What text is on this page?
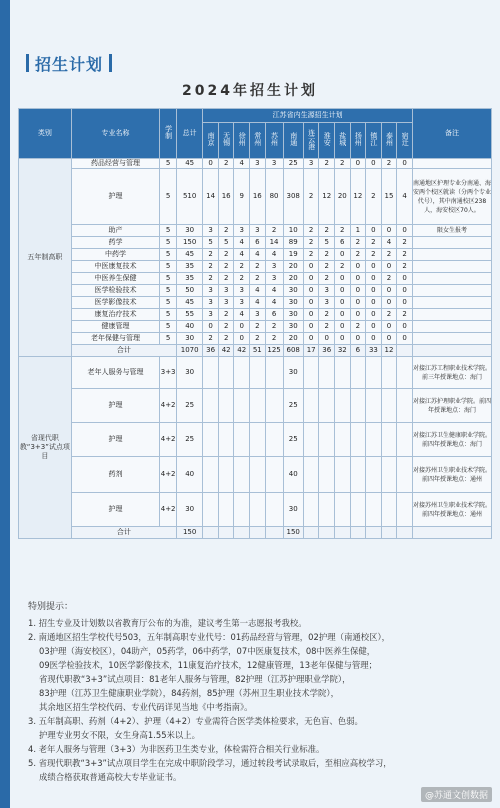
招生计划
2024年招生计划
类别	专业名称	学制	总计	江苏省内生源招生计划													备注
				南京	无锡	徐州	常州	苏州	南通	连云港	淮安	盐城	扬州	镇江	泰州	宿迁	
五年制高职	药品经营与管理	5	45	0	2	4	3	3	25	3	2	2	0	0	2	0	
	护理	5	510	14	16	9	16	80	308	2	12	20	12	2	15	4	南通地区护理专业分南通、海安两个校区就读（分两个专业代号），其中南通校区238人，海安校区70人。
	助产	5	30	3	2	3	3	2	10	2	2	2	1	0	0	0	限女生报考
	药学	5	150	5	5	4	6	14	89	2	5	6	2	2	4	2	
	中药学	5	45	2	2	4	4	4	19	2	2	0	2	2	2	2	
	中医康复技术	5	35	2	2	2	2	3	20	0	2	2	0	0	0	2	
	中医养生保健	5	35	2	2	2	2	3	20	0	2	0	0	0	2	0	
	医学检验技术	5	50	3	3	3	4	4	30	0	3	0	0	0	0	0	
	医学影像技术	5	45	3	3	3	4	4	30	0	3	0	0	0	0	0	
	康复治疗技术	5	55	3	2	4	3	6	30	0	2	0	0	0	2	2	
	健康管理	5	40	0	2	0	2	2	30	0	2	0	2	0	0	0	
	老年保健与管理	5	30	2	2	0	2	2	20	0	0	0	0	0	0	0	
	合计		1070	36	42	42	51	125	608	17	36	32	6	33	12		
省现代职教“3+3”试点项目	老年人服务与管理	3+3	30						30								对接江苏工程职业技术学院。前三年授课地点：海门
	护理	4+2	25						25								对接江苏护理职业学院。前四年授课地点：海门
	护理	4+2	25						25								对接江苏卫生健康职业学院。前四年授课地点：海门
	药剂	4+2	40						40								对接苏州卫生职业技术学院。前四年授课地点：通州
	护理	4+2	30						30								对接苏州卫生职业技术学院。前四年授课地点：通州
	合计		150						150								
特别提示：
1. 招生专业及计划数以省教育厅公布的为准，建议考生第一志愿报考我校。
2. 南通地区招生学校代号503，五年制高职专业代号：01药品经营与管理，02护理（南通校区），
03护理（海安校区），04助产，05药学，06中药学，07中医康复技术，08中医养生保健，
09医学检验技术，10医学影像技术，11康复治疗技术，12健康管理，13老年保健与管理；
省现代职教“3+3”试点项目：81老年人服务与管理，82护理（江苏护理职业学院），
83护理（江苏卫生健康职业学院），84药剂，85护理（苏州卫生职业技术学院），
其余地区招生学校代码、专业代码详见当地《中考指南》。
3. 五年制高职、药剂（4+2）、护理（4+2）专业需符合医学类体检要求，无色盲、色弱。
护理专业男女不限，女生身高1.55米以上。
4. 老年人服务与管理（3+3）为非医药卫生类专业，体检需符合相关行业标准。
5. 省现代职教“3+3”试点项目学生在完成中职阶段学习，通过转段考试录取后，至相应高校学习，
成绩合格获取普通高校大专毕业证书。
@苏通文创数据
